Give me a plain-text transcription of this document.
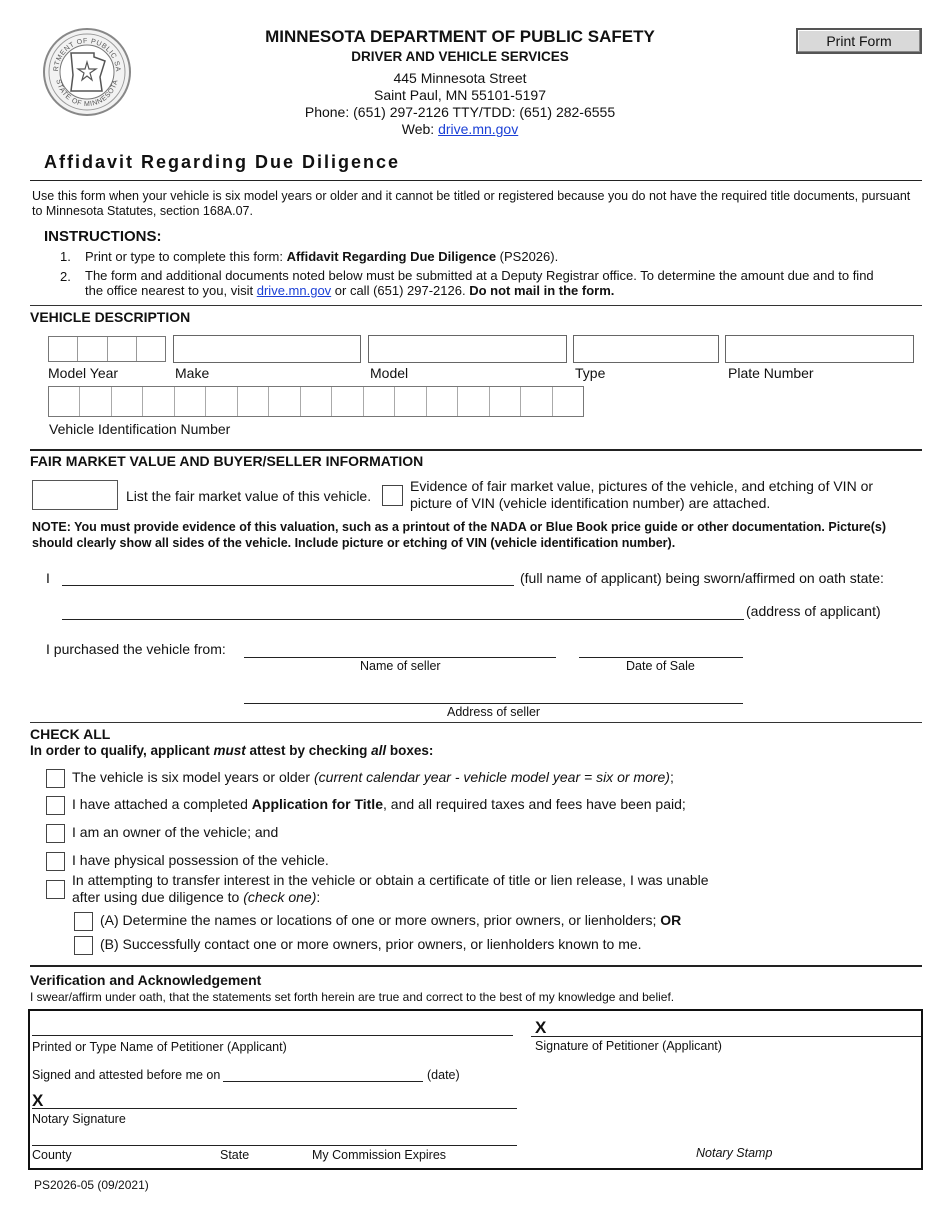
RTMENT OF PUBLIC SA
STATE OF MINNESOTA
MINNESOTA DEPARTMENT OF PUBLIC SAFETY
DRIVER AND VEHICLE SERVICES
445 Minnesota Street
Saint Paul, MN 55101-5197
Phone: (651) 297-2126 TTY/TDD: (651) 282-6555
Web: drive.mn.gov
Print Form
Affidavit Regarding Due Diligence
Use this form when your vehicle is six model years or older and it cannot be titled or registered because you do not have the required title documents, pursuant to Minnesota Statutes, section 168A.07.
INSTRUCTIONS:
1. Print or type to complete this form: Affidavit Regarding Due Diligence (PS2026).
2. The form and additional documents noted below must be submitted at a Deputy Registrar office. To determine the amount due and to find the office nearest to you, visit drive.mn.gov or call (651) 297-2126. Do not mail in the form.
VEHICLE DESCRIPTION
Model Year	Make	Model	Type	Plate Number
Vehicle Identification Number
FAIR MARKET VALUE AND BUYER/SELLER INFORMATION
List the fair market value of this vehicle.
Evidence of fair market value, pictures of the vehicle, and etching of VIN or picture of VIN (vehicle identification number) are attached.
NOTE: You must provide evidence of this valuation, such as a printout of the NADA or Blue Book price guide or other documentation. Picture(s) should clearly show all sides of the vehicle. Include picture or etching of VIN (vehicle identification number).
I	(full name of applicant) being sworn/affirmed on oath state:
(address of applicant)
I purchased the vehicle from:
Name of seller	Date of Sale
Address of seller
CHECK ALL
In order to qualify, applicant must attest by checking all boxes:
The vehicle is six model years or older (current calendar year - vehicle model year = six or more);
I have attached a completed Application for Title, and all required taxes and fees have been paid;
I am an owner of the vehicle; and
I have physical possession of the vehicle.
In attempting to transfer interest in the vehicle or obtain a certificate of title or lien release, I was unable
after using due diligence to (check one):
(A) Determine the names or locations of one or more owners, prior owners, or lienholders; OR
(B) Successfully contact one or more owners, prior owners, or lienholders known to me.
Verification and Acknowledgement
I swear/affirm under oath, that the statements set forth herein are true and correct to the best of my knowledge and belief.
Printed or Type Name of Petitioner (Applicant)
X
Signature of Petitioner (Applicant)
Signed and attested before me on	(date)
X
Notary Signature
County	State	My Commission Expires	Notary Stamp
PS2026-05 (09/2021)
